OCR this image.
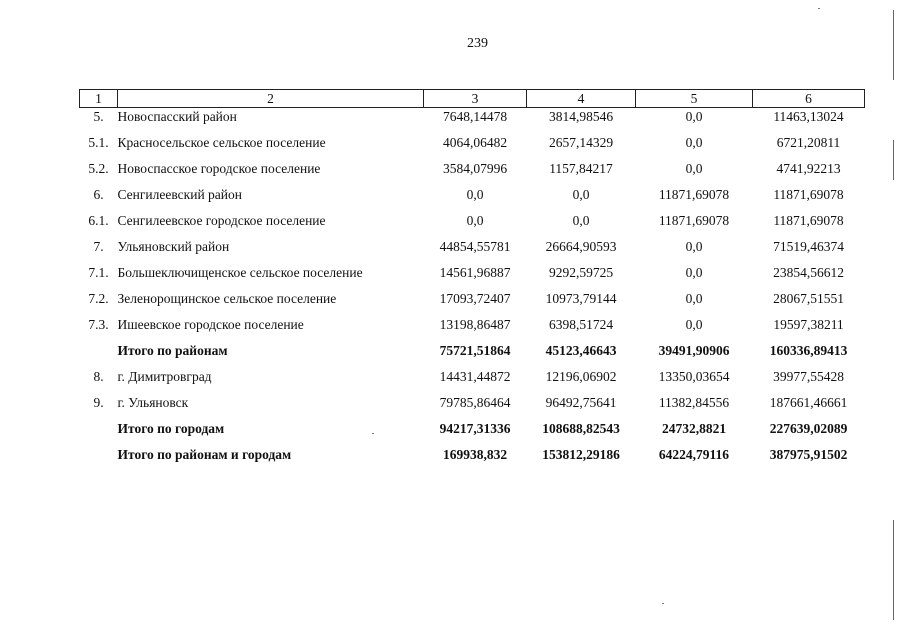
239
1	2	3	4	5	6
5.	Новоспасский район	7648,14478	3814,98546	0,0	11463,13024
5.1.	Красносельское сельское поселение	4064,06482	2657,14329	0,0	6721,20811
5.2.	Новоспасское городское поселение	3584,07996	1157,84217	0,0	4741,92213
6.	Сенгилеевский район	0,0	0,0	11871,69078	11871,69078
6.1.	Сенгилеевское городское поселение	0,0	0,0	11871,69078	11871,69078
7.	Ульяновский район	44854,55781	26664,90593	0,0	71519,46374
7.1.	Большеключищенское сельское поселение	14561,96887	9292,59725	0,0	23854,56612
7.2.	Зеленорощинское сельское поселение	17093,72407	10973,79144	0,0	28067,51551
7.3.	Ишеевское городское поселение	13198,86487	6398,51724	0,0	19597,38211
	Итого по районам	75721,51864	45123,46643	39491,90906	160336,89413
8.	г. Димитровград	14431,44872	12196,06902	13350,03654	39977,55428
9.	г. Ульяновск	79785,86464	96492,75641	11382,84556	187661,46661
	Итого по городам	94217,31336	108688,82543	24732,8821	227639,02089
	Итого по районам и городам	169938,832	153812,29186	64224,79116	387975,91502
